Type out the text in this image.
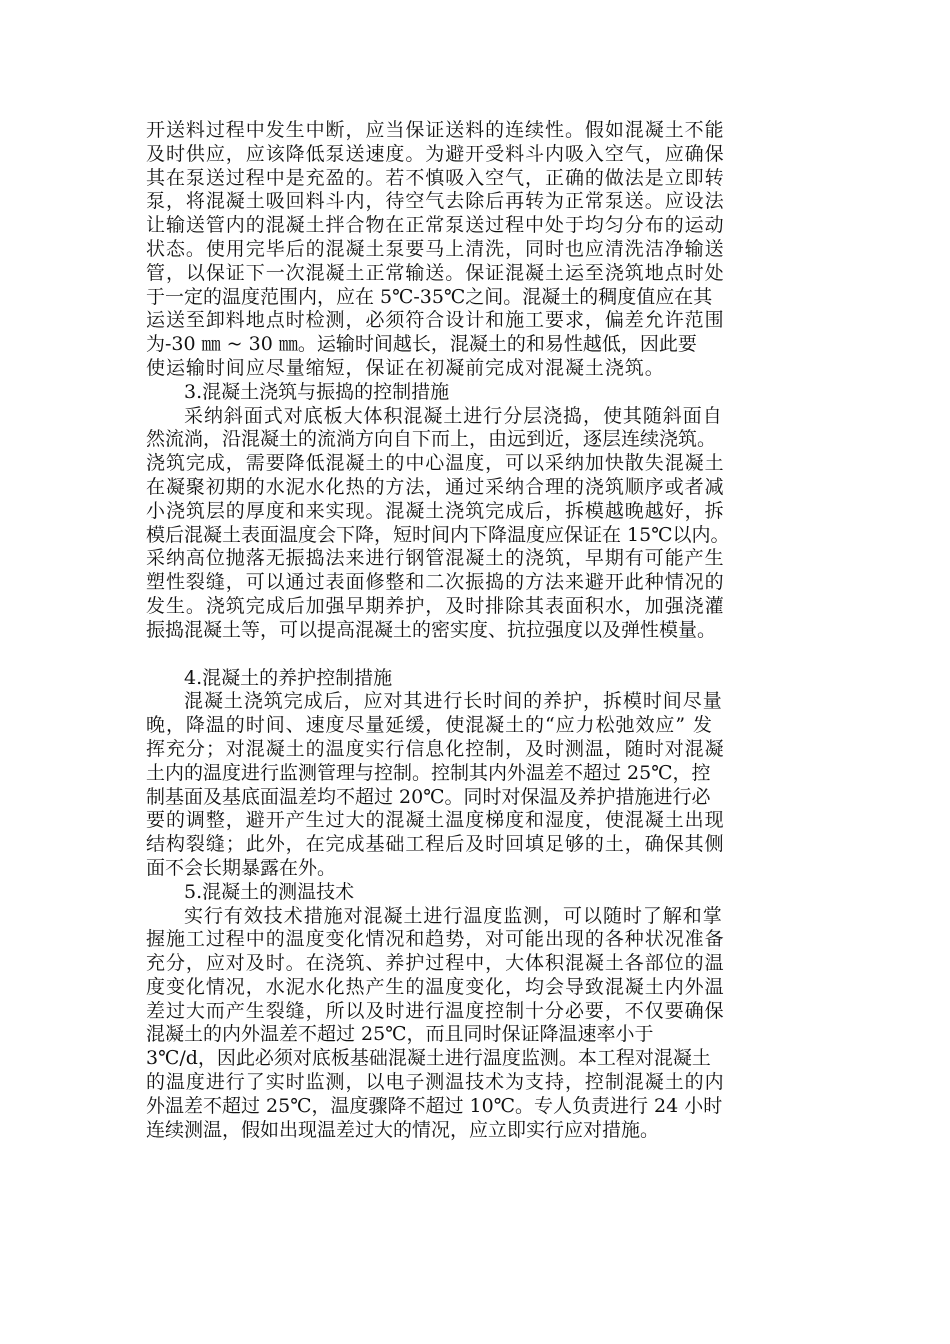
开送料过程中发生中断，应当保证送料的连续性。假如混凝土不能
及时供应，应该降低泵送速度。为避开受料斗内吸入空气，应确保
其在泵送过程中是充盈的。若不慎吸入空气，正确的做法是立即转
泵，将混凝土吸回料斗内，待空气去除后再转为正常泵送。应设法
让输送管内的混凝土拌合物在正常泵送过程中处于均匀分布的运动
状态。使用完毕后的混凝土泵要马上清洗，同时也应清洗洁净输送
管，以保证下一次混凝土正常输送。保证混凝土运至浇筑地点时处
于一定的温度范围内，应在 5℃-35℃之间。混凝土的稠度值应在其
运送至卸料地点时检测，必须符合设计和施工要求，偏差允许范围
为-30 ㎜ ~ 30 ㎜。运输时间越长，混凝土的和易性越低，因此要
使运输时间应尽量缩短，保证在初凝前完成对混凝土浇筑。
3.混凝土浇筑与振捣的控制措施
采纳斜面式对底板大体积混凝土进行分层浇捣，使其随斜面自
然流淌，沿混凝土的流淌方向自下而上，由远到近，逐层连续浇筑。
浇筑完成，需要降低混凝土的中心温度，可以采纳加快散失混凝土
在凝聚初期的水泥水化热的方法，通过采纳合理的浇筑顺序或者减
小浇筑层的厚度和来实现。混凝土浇筑完成后，拆模越晚越好，拆
模后混凝土表面温度会下降，短时间内下降温度应保证在 15℃以内。
采纳高位抛落无振捣法来进行钢管混凝土的浇筑，早期有可能产生
塑性裂缝，可以通过表面修整和二次振捣的方法来避开此种情况的
发生。浇筑完成后加强早期养护，及时排除其表面积水，加强浇灌
振捣混凝土等，可以提高混凝土的密实度、抗拉强度以及弹性模量。
4.混凝土的养护控制措施
混凝土浇筑完成后，应对其进行长时间的养护，拆模时间尽量
晚，降温的时间、速度尽量延缓，使混凝土的“应力松弛效应” 发
挥充分；对混凝土的温度实行信息化控制，及时测温，随时对混凝
土内的温度进行监测管理与控制。控制其内外温差不超过 25℃，控
制基面及基底面温差均不超过 20℃。同时对保温及养护措施进行必
要的调整，避开产生过大的混凝土温度梯度和湿度，使混凝土出现
结构裂缝；此外，在完成基础工程后及时回填足够的土，确保其侧
面不会长期暴露在外。
5.混凝土的测温技术
实行有效技术措施对混凝土进行温度监测，可以随时了解和掌
握施工过程中的温度变化情况和趋势，对可能出现的各种状况准备
充分，应对及时。在浇筑、养护过程中，大体积混凝土各部位的温
度变化情况，水泥水化热产生的温度变化，均会导致混凝土内外温
差过大而产生裂缝，所以及时进行温度控制十分必要，不仅要确保
混凝土的内外温差不超过 25℃，而且同时保证降温速率小于
3℃/d，因此必须对底板基础混凝土进行温度监测。本工程对混凝土
的温度进行了实时监测，以电子测温技术为支持，控制混凝土的内
外温差不超过 25℃，温度骤降不超过 10℃。专人负责进行 24 小时
连续测温，假如出现温差过大的情况，应立即实行应对措施。
